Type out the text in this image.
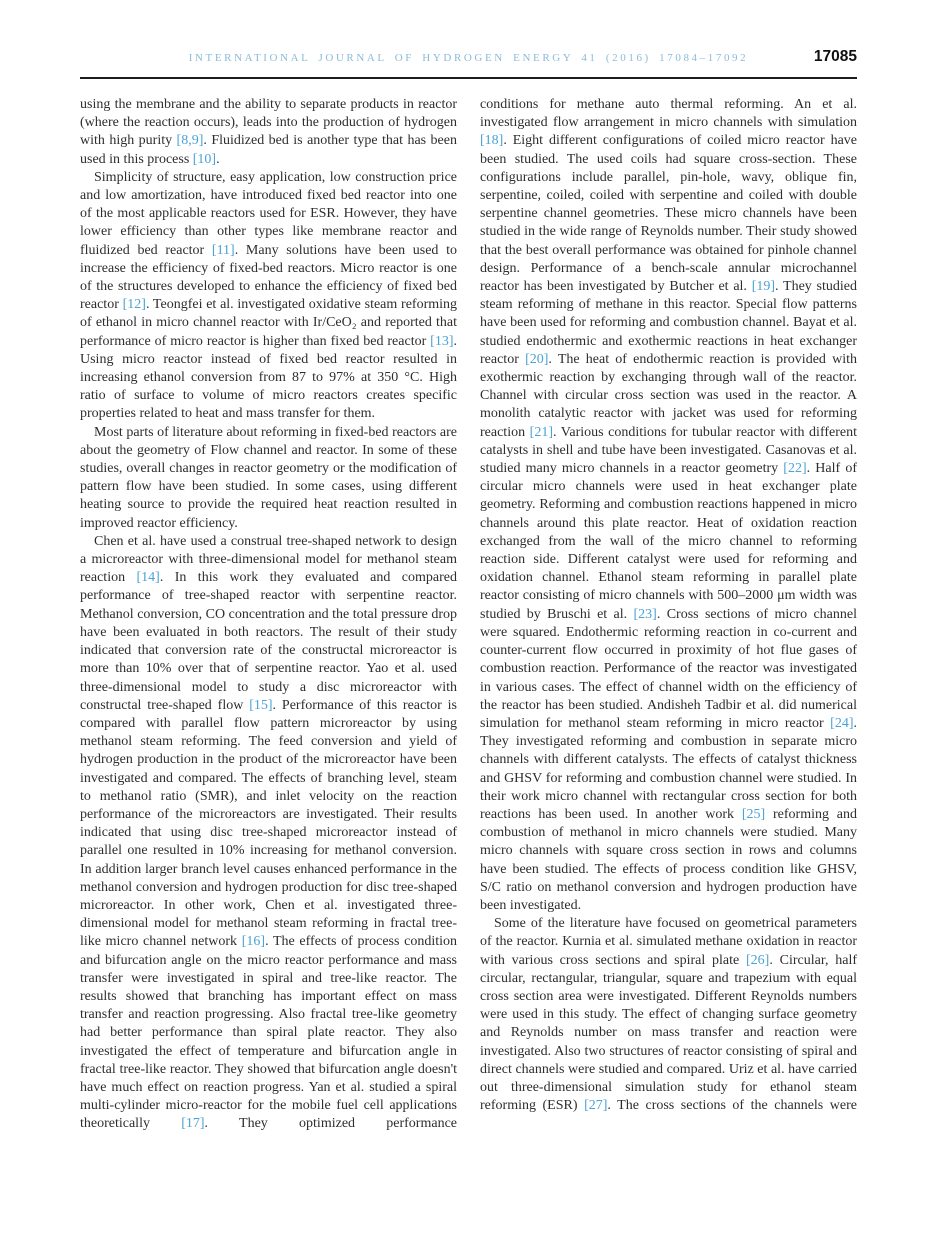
INTERNATIONAL JOURNAL OF HYDROGEN ENERGY 41 (2016) 17084–17092	17085

using the membrane and the ability to separate products in reactor (where the reaction occurs), leads into the production of hydrogen with high purity [8,9]. Fluidized bed is another type that has been used in this process [10].

Simplicity of structure, easy application, low construction price and low amortization, have introduced fixed bed reactor into one of the most applicable reactors used for ESR. However, they have lower efficiency than other types like membrane reactor and fluidized bed reactor [11]. Many solutions have been used to increase the efficiency of fixed-bed reactors. Micro reactor is one of the structures developed to enhance the efficiency of fixed bed reactor [12]. Teongfei et al. investigated oxidative steam reforming of ethanol in micro channel reactor with Ir/CeO₂ and reported that performance of micro reactor is higher than fixed bed reactor [13]. Using micro reactor instead of fixed bed reactor resulted in increasing ethanol conversion from 87 to 97% at 350 °C. High ratio of surface to volume of micro reactors creates specific properties related to heat and mass transfer for them.

Most parts of literature about reforming in fixed-bed reactors are about the geometry of Flow channel and reactor. In some of these studies, overall changes in reactor geometry or the modification of pattern flow have been studied. In some cases, using different heating source to provide the required heat reaction resulted in improved reactor efficiency.

Chen et al. have used a construal tree-shaped network to design a microreactor with three-dimensional model for methanol steam reaction [14]. In this work they evaluated and compared performance of tree-shaped reactor with serpentine reactor. Methanol conversion, CO concentration and the total pressure drop have been evaluated in both reactors. The result of their study indicated that conversion rate of the constructal microreactor is more than 10% over that of serpentine reactor. Yao et al. used three-dimensional model to study a disc microreactor with constructal tree-shaped flow [15]. Performance of this reactor is compared with parallel flow pattern microreactor by using methanol steam reforming. The feed conversion and yield of hydrogen production in the product of the microreactor have been investigated and compared. The effects of branching level, steam to methanol ratio (SMR), and inlet velocity on the reaction performance of the microreactors are investigated. Their results indicated that using disc tree-shaped microreactor instead of parallel one resulted in 10% increasing for methanol conversion. In addition larger branch level causes enhanced performance in the methanol conversion and hydrogen production for disc tree-shaped microreactor. In other work, Chen et al. investigated three-dimensional model for methanol steam reforming in fractal tree-like micro channel network [16]. The effects of process condition and bifurcation angle on the micro reactor performance and mass transfer were investigated in spiral and tree-like reactor. The results showed that branching has important effect on mass transfer and reaction progressing. Also fractal tree-like geometry had better performance than spiral plate reactor. They also investigated the effect of temperature and bifurcation angle in fractal tree-like reactor. They showed that bifurcation angle doesn't have much effect on reaction progress. Yan et al. studied a spiral multi-cylinder micro-reactor for the mobile fuel cell applications theoretically [17]. They optimized performance

conditions for methane auto thermal reforming. An et al. investigated flow arrangement in micro channels with simulation [18]. Eight different configurations of coiled micro reactor have been studied. The used coils had square cross-section. These configurations include parallel, pin-hole, wavy, oblique fin, serpentine, coiled, coiled with serpentine and coiled with double serpentine channel geometries. These micro channels have been studied in the wide range of Reynolds number. Their study showed that the best overall performance was obtained for pinhole channel design. Performance of a bench-scale annular microchannel reactor has been investigated by Butcher et al. [19]. They studied steam reforming of methane in this reactor. Special flow patterns have been used for reforming and combustion channel. Bayat et al. studied endothermic and exothermic reactions in heat exchanger reactor [20]. The heat of endothermic reaction is provided with exothermic reaction by exchanging through wall of the reactor. Channel with circular cross section was used in the reactor. A monolith catalytic reactor with jacket was used for reforming reaction [21]. Various conditions for tubular reactor with different catalysts in shell and tube have been investigated. Casanovas et al. studied many micro channels in a reactor geometry [22]. Half of circular micro channels were used in heat exchanger plate geometry. Reforming and combustion reactions happened in micro channels around this plate reactor. Heat of oxidation reaction exchanged from the wall of the micro channel to reforming reaction side. Different catalyst were used for reforming and oxidation channel. Ethanol steam reforming in parallel plate reactor consisting of micro channels with 500–2000 μm width was studied by Bruschi et al. [23]. Cross sections of micro channel were squared. Endothermic reforming reaction in co-current and counter-current flow occurred in proximity of hot flue gases of combustion reaction. Performance of the reactor was investigated in various cases. The effect of channel width on the efficiency of the reactor has been studied. Andisheh Tadbir et al. did numerical simulation for methanol steam reforming in micro reactor [24]. They investigated reforming and combustion in separate micro channels with different catalysts. The effects of catalyst thickness and GHSV for reforming and combustion channel were studied. In their work micro channel with rectangular cross section for both reactions has been used. In another work [25] reforming and combustion of methanol in micro channels were studied. Many micro channels with square cross section in rows and columns have been studied. The effects of process condition like GHSV, S/C ratio on methanol conversion and hydrogen production have been investigated.

Some of the literature have focused on geometrical parameters of the reactor. Kurnia et al. simulated methane oxidation in reactor with various cross sections and spiral plate [26]. Circular, half circular, rectangular, triangular, square and trapezium with equal cross section area were investigated. Different Reynolds numbers were used in this study. The effect of changing surface geometry and Reynolds number on mass transfer and reaction were investigated. Also two structures of reactor consisting of spiral and direct channels were studied and compared. Uriz et al. have carried out three-dimensional simulation study for ethanol steam reforming (ESR) [27]. The cross sections of the channels were
